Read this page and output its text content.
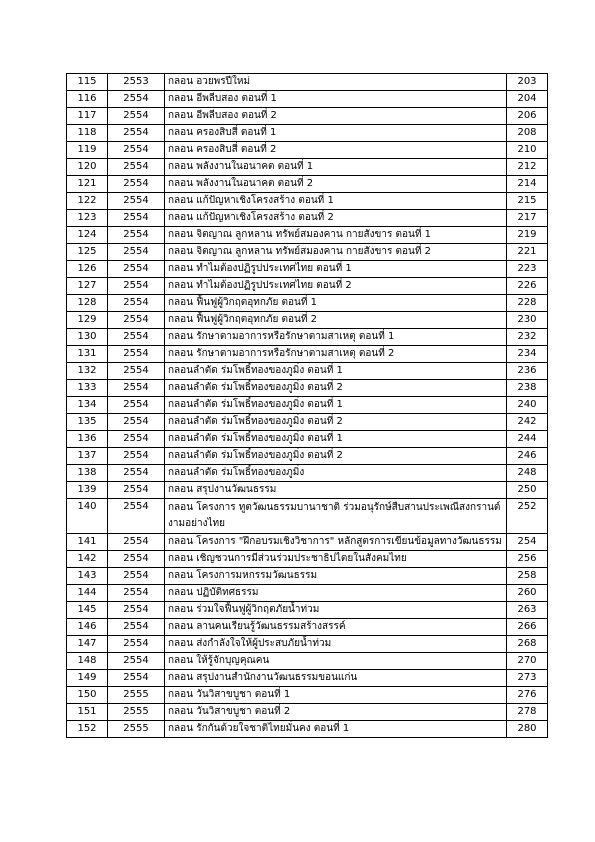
115	2553	กลอน อวยพรปีใหม่	203
116	2554	กลอน อีพลีบสอง ตอนที่ 1	204
117	2554	กลอน อีพลีบสอง ตอนที่ 2	206
118	2554	กลอน ครองสิบสี่ ตอนที่ 1	208
119	2554	กลอน ครองสิบสี่ ตอนที่ 2	210
120	2554	กลอน พลังงานในอนาคต ตอนที่ 1	212
121	2554	กลอน พลังงานในอนาคต ตอนที่ 2	214
122	2554	กลอน แก้ปัญหาเชิงโครงสร้าง ตอนที่ 1	215
123	2554	กลอน แก้ปัญหาเชิงโครงสร้าง ตอนที่ 2	217
124	2554	กลอน จิตญาณ ลูกหลาน ทรัพย์สมองคาน กายสังขาร ตอนที่ 1	219
125	2554	กลอน จิตญาณ ลูกหลาน ทรัพย์สมองคาน กายสังขาร ตอนที่ 2	221
126	2554	กลอน ทำไมต้องปฏิรูปประเทศไทย ตอนที่ 1	223
127	2554	กลอน ทำไมต้องปฏิรูปประเทศไทย ตอนที่ 2	226
128	2554	กลอน ฟื้นฟูผู้วิกฤตอุทกภัย ตอนที่ 1	228
129	2554	กลอน ฟื้นฟูผู้วิกฤตอุทกภัย ตอนที่ 2	230
130	2554	กลอน รักษาตามอาการหรือรักษาตามสาเหตุ ตอนที่ 1	232
131	2554	กลอน รักษาตามอาการหรือรักษาตามสาเหตุ ตอนที่ 2	234
132	2554	กลอนลำตัด ร่มโพธิ์ทองของภูมิ่ง ตอนที่ 1	236
133	2554	กลอนลำตัด ร่มโพธิ์ทองของภูมิ่ง ตอนที่ 2	238
134	2554	กลอนลำตัด ร่มโพธิ์ทองของภูมิ่ง ตอนที่ 1	240
135	2554	กลอนลำตัด ร่มโพธิ์ทองของภูมิ่ง ตอนที่ 2	242
136	2554	กลอนลำตัด ร่มโพธิ์ทองของภูมิ่ง ตอนที่ 1	244
137	2554	กลอนลำตัด ร่มโพธิ์ทองของภูมิ่ง ตอนที่ 2	246
138	2554	กลอนลำตัด ร่มโพธิ์ทองของภูมิ่ง	248
139	2554	กลอน สรุปงานวัฒนธรรม	250
140	2554	กลอน โครงการ ทูตวัฒนธรรมบานาชาติ ร่วมอนุรักษ์สืบสานประเพณีสงกรานต์งามอย่างไทย	252
141	2554	กลอน โครงการ "ฝึกอบรมเชิงวิชาการ" หลักสูตรการเขียนข้อมูลทางวัฒนธรรม	254
142	2554	กลอน เชิญชวนการมีส่วนร่วมประชาธิปไตยในสังคมไทย	256
143	2554	กลอน โครงการมหกรรมวัฒนธรรม	258
144	2554	กลอน ปฏิบัติทศธรรม	260
145	2554	กลอน ร่วมใจฟื้นฟูผู้วิกฤตภัยน้ำท่วม	263
146	2554	กลอน ลานคนเรียนรู้วัฒนธรรมสร้างสรรค์	266
147	2554	กลอน ส่งกำลังใจให้ผู้ประสบภัยน้ำท่วม	268
148	2554	กลอน ให้รู้จักบุญคุณคน	270
149	2554	กลอน สรุปงานสำนักงานวัฒนธรรมขอนแก่น	273
150	2555	กลอน วันวิสาขบูชา ตอนที่ 1	276
151	2555	กลอน วันวิสาขบูชา ตอนที่ 2	278
152	2555	กลอน รักกันด้วยใจชาติไทยมั่นคง ตอนที่ 1	280
